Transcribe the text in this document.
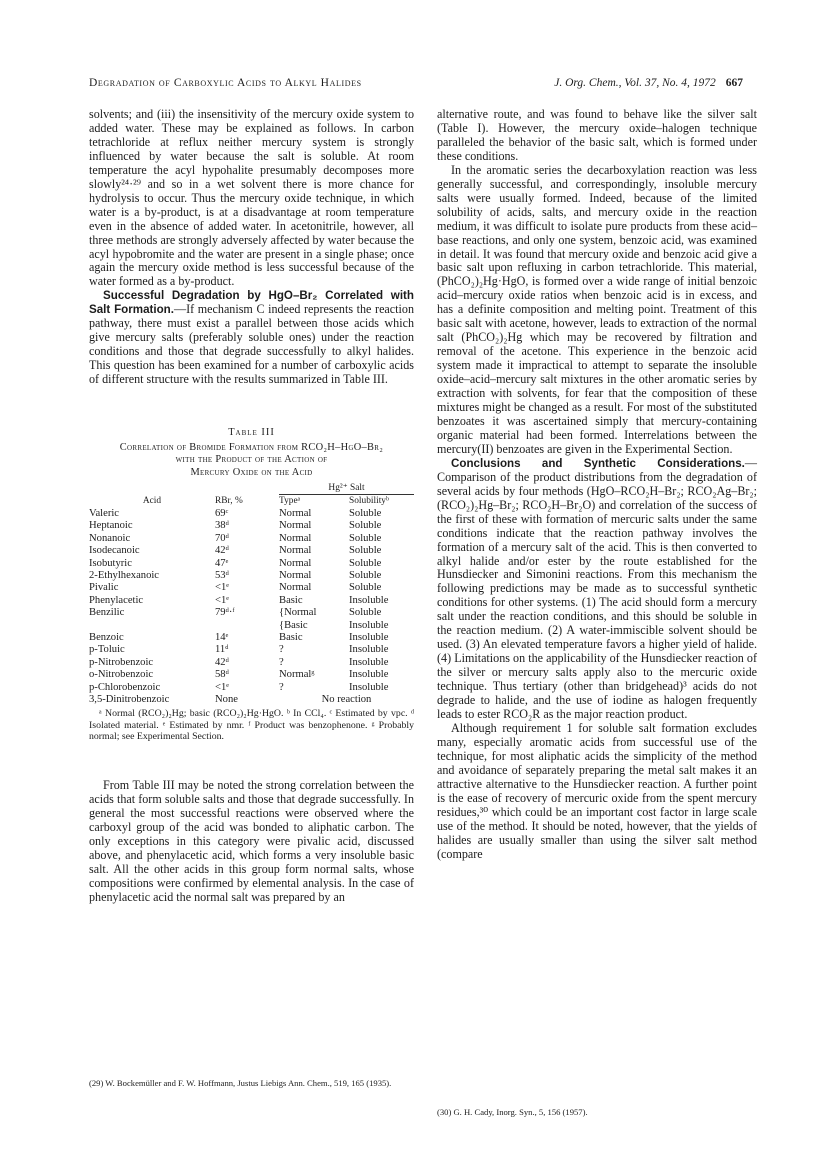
Degradation of Carboxylic Acids to Alkyl Halides	J. Org. Chem., Vol. 37, No. 4, 1972 667

solvents; and (iii) the insensitivity of the mercury oxide system to added water. These may be explained as follows. In carbon tetrachloride at reflux neither mercury system is strongly influenced by water because the salt is soluble. At room temperature the acyl hypohalite presumably decomposes more slowly²⁴·²⁹ and so in a wet solvent there is more chance for hydrolysis to occur. Thus the mercury oxide technique, in which water is a by-product, is at a disadvantage at room temperature even in the absence of added water. In acetonitrile, however, all three methods are strongly adversely affected by water because the acyl hypobromite and the water are present in a single phase; once again the mercury oxide method is less successful because of the water formed as a by-product.

Successful Degradation by HgO–Br₂ Correlated with Salt Formation.—If mechanism C indeed represents the reaction pathway, there must exist a parallel between those acids which give mercury salts (preferably soluble ones) under the reaction conditions and those that degrade successfully to alkyl halides. This question has been examined for a number of carboxylic acids of different structure with the results summarized in Table III.

Table III
Correlation of Bromide Formation from RCO₂H–HgO–Br₂
with the Product of the Action of
Mercury Oxide on the Acid
		Hg²⁺ Salt	
Acid	RBr, %	Typeᵃ	Solubilityᵇ
Valeric	69ᶜ	Normal	Soluble
Heptanoic	38ᵈ	Normal	Soluble
Nonanoic	70ᵈ	Normal	Soluble
Isodecanoic	42ᵈ	Normal	Soluble
Isobutyric	47ᵉ	Normal	Soluble
2-Ethylhexanoic	53ᵈ	Normal	Soluble
Pivalic	<1ᵉ	Normal	Soluble
Phenylacetic	<1ᵉ	Basic	Insoluble
Benzilic	79ᵈ·ᶠ	{Normal	Soluble
		{Basic	Insoluble
Benzoic	14ᵉ	Basic	Insoluble
p-Toluic	11ᵈ	?	Insoluble
p-Nitrobenzoic	42ᵈ	?	Insoluble
o-Nitrobenzoic	58ᵈ	Normalᵍ	Insoluble
p-Chlorobenzoic	<1ᵉ	?	Insoluble
3,5-Dinitrobenzoic	None	No reaction	

ᵃ Normal (RCO₂)₂Hg; basic (RCO₂)₂Hg·HgO. ᵇ In CCl₄. ᶜ Estimated by vpc. ᵈ Isolated material. ᵉ Estimated by nmr. ᶠ Product was benzophenone. ᵍ Probably normal; see Experimental Section.

From Table III may be noted the strong correlation between the acids that form soluble salts and those that degrade successfully. In general the most successful reactions were observed where the carboxyl group of the acid was bonded to aliphatic carbon. The only exceptions in this category were pivalic acid, discussed above, and phenylacetic acid, which forms a very insoluble basic salt. All the other acids in this group form normal salts, whose compositions were confirmed by elemental analysis. In the case of phenylacetic acid the normal salt was prepared by an

alternative route, and was found to behave like the silver salt (Table I). However, the mercury oxide–halogen technique paralleled the behavior of the basic salt, which is formed under these conditions.

In the aromatic series the decarboxylation reaction was less generally successful, and correspondingly, insoluble mercury salts were usually formed. Indeed, because of the limited solubility of acids, salts, and mercury oxide in the reaction medium, it was difficult to isolate pure products from these acid–base reactions, and only one system, benzoic acid, was examined in detail. It was found that mercury oxide and benzoic acid give a basic salt upon refluxing in carbon tetrachloride. This material, (PhCO₂)₂Hg·HgO, is formed over a wide range of initial benzoic acid–mercury oxide ratios when benzoic acid is in excess, and has a definite composition and melting point. Treatment of this basic salt with acetone, however, leads to extraction of the normal salt (PhCO₂)₂Hg which may be recovered by filtration and removal of the acetone. This experience in the benzoic acid system made it impractical to attempt to separate the insoluble oxide–acid–mercury salt mixtures in the other aromatic series by extraction with solvents, for fear that the composition of these mixtures might be changed as a result. For most of the substituted benzoates it was ascertained simply that mercury-containing organic material had been formed. Interrelations between the mercury(II) benzoates are given in the Experimental Section.

Conclusions and Synthetic Considerations.—Comparison of the product distributions from the degradation of several acids by four methods (HgO–RCO₂H–Br₂; RCO₂Ag–Br₂; (RCO₂)₂Hg–Br₂; RCO₂H–Br₂O) and correlation of the success of the first of these with formation of mercuric salts under the same conditions indicate that the reaction pathway involves the formation of a mercury salt of the acid. This is then converted to alkyl halide and/or ester by the route established for the Hunsdiecker and Simonini reactions. From this mechanism the following predictions may be made as to successful synthetic conditions for other systems. (1) The acid should form a mercury salt under the reaction conditions, and this should be soluble in the reaction medium. (2) A water-immiscible solvent should be used. (3) An elevated temperature favors a higher yield of halide. (4) Limitations on the applicability of the Hunsdiecker reaction of the silver or mercury salts apply also to the mercuric oxide technique. Thus tertiary (other than bridgehead)³ acids do not degrade to halide, and the use of iodine as halogen frequently leads to ester RCO₂R as the major reaction product.

Although requirement 1 for soluble salt formation excludes many, especially aromatic acids from successful use of the technique, for most aliphatic acids the simplicity of the method and avoidance of separately preparing the metal salt makes it an attractive alternative to the Hunsdiecker reaction. A further point is the ease of recovery of mercuric oxide from the spent mercury residues,³⁰ which could be an important cost factor in large scale use of the method. It should be noted, however, that the yields of halides are usually smaller than using the silver salt method (compare

(29) W. Bockemüller and F. W. Hoffmann, Justus Liebigs Ann. Chem., 519, 165 (1935).
(30) G. H. Cady, Inorg. Syn., 5, 156 (1957).
